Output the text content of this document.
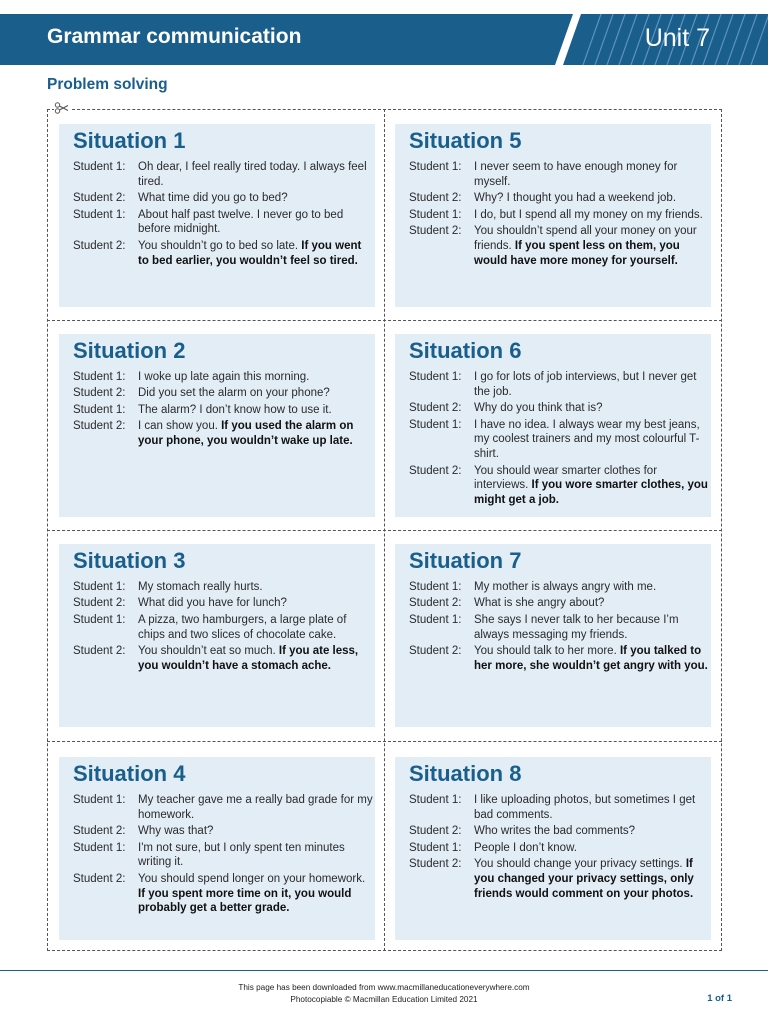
Grammar communication	Unit 7
Problem solving
Situation 1
Student 1:	Oh dear, I feel really tired today. I always feel tired.
Student 2:	What time did you go to bed?
Student 1:	About half past twelve. I never go to bed before midnight.
Student 2:	You shouldn’t go to bed so late. If you went to bed earlier, you wouldn’t feel so tired.
Situation 5
Student 1:	I never seem to have enough money for myself.
Student 2:	Why? I thought you had a weekend job.
Student 1:	I do, but I spend all my money on my friends.
Student 2:	You shouldn’t spend all your money on your friends. If you spent less on them, you would have more money for yourself.
Situation 2
Student 1:	I woke up late again this morning.
Student 2:	Did you set the alarm on your phone?
Student 1:	The alarm? I don’t know how to use it.
Student 2:	I can show you. If you used the alarm on your phone, you wouldn’t wake up late.
Situation 6
Student 1:	I go for lots of job interviews, but I never get the job.
Student 2:	Why do you think that is?
Student 1:	I have no idea. I always wear my best jeans, my coolest trainers and my most colourful T-shirt.
Student 2:	You should wear smarter clothes for interviews. If you wore smarter clothes, you might get a job.
Situation 3
Student 1:	My stomach really hurts.
Student 2:	What did you have for lunch?
Student 1:	A pizza, two hamburgers, a large plate of chips and two slices of chocolate cake.
Student 2:	You shouldn’t eat so much. If you ate less, you wouldn’t have a stomach ache.
Situation 7
Student 1:	My mother is always angry with me.
Student 2:	What is she angry about?
Student 1:	She says I never talk to her because I’m always messaging my friends.
Student 2:	You should talk to her more. If you talked to her more, she wouldn’t get angry with you.
Situation 4
Student 1:	My teacher gave me a really bad grade for my homework.
Student 2:	Why was that?
Student 1:	I'm not sure, but I only spent ten minutes writing it.
Student 2:	You should spend longer on your homework. If you spent more time on it, you would probably get a better grade.
Situation 8
Student 1:	I like uploading photos, but sometimes I get bad comments.
Student 2:	Who writes the bad comments?
Student 1:	People I don’t know.
Student 2:	You should change your privacy settings. If you changed your privacy settings, only friends would comment on your photos.
This page has been downloaded from www.macmillaneducationeverywhere.com
Photocopiable © Macmillan Education Limited 2021	1 of 1
